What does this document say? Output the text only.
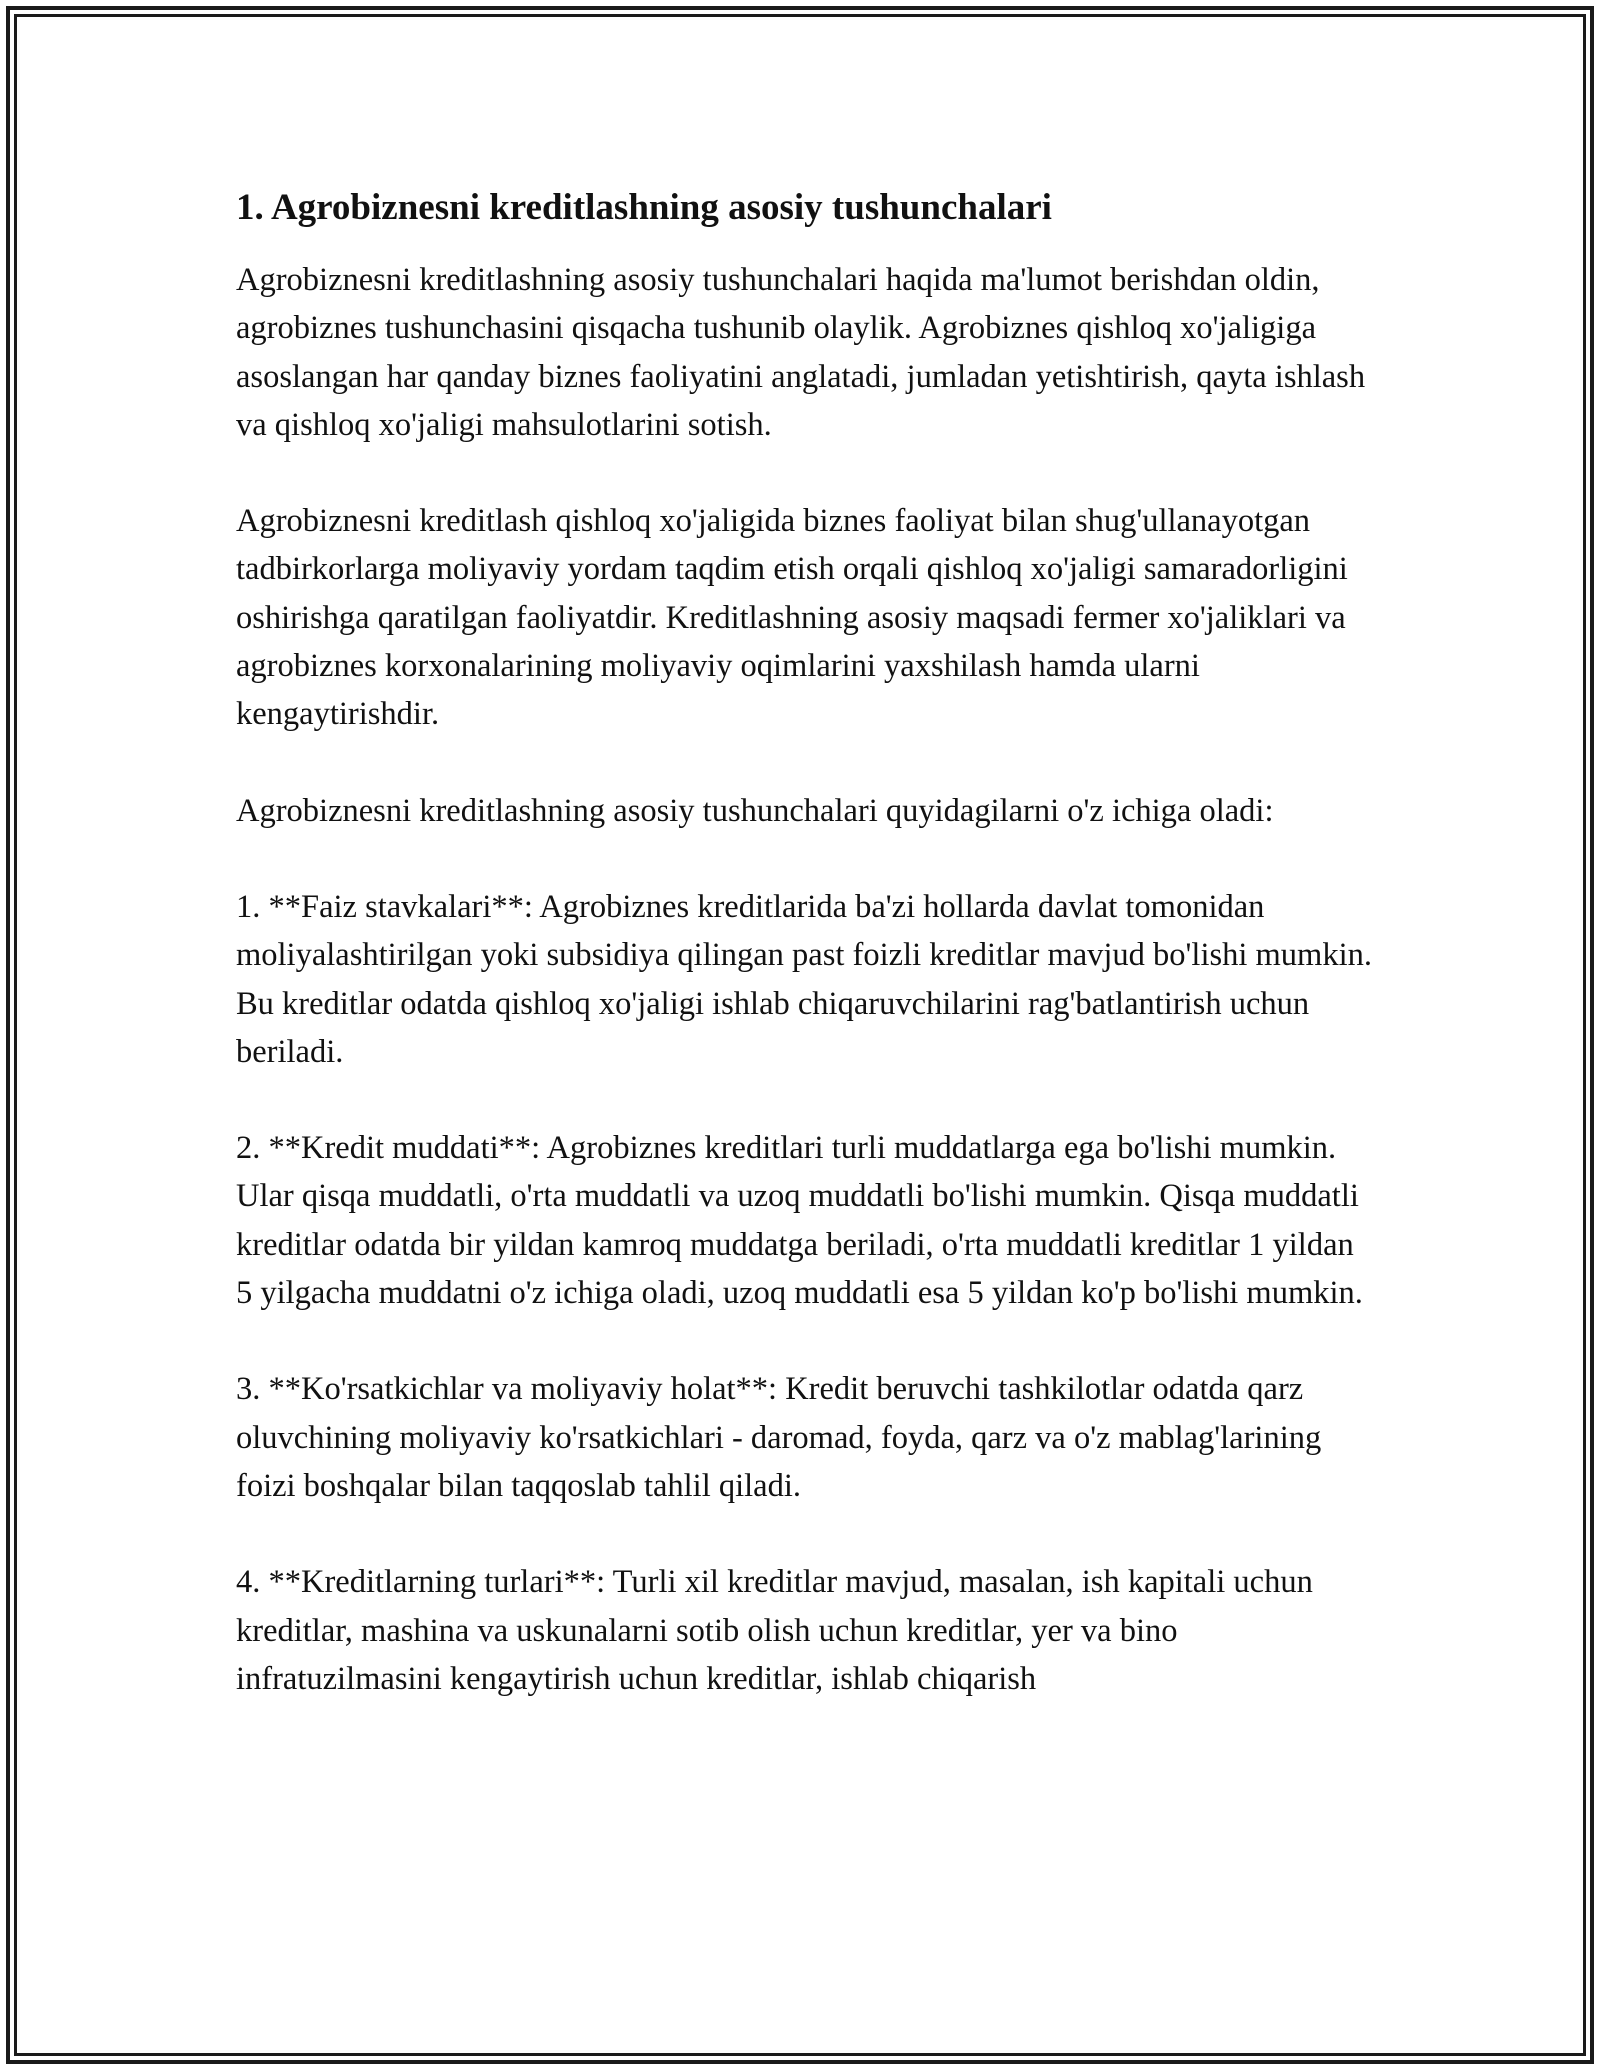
1. Agrobiznesni kreditlashning asosiy tushunchalari

Agrobiznesni kreditlashning asosiy tushunchalari haqida ma'lumot berishdan oldin, agrobiznes tushunchasini qisqacha tushunib olaylik. Agrobiznes qishloq xo'jaligiga asoslangan har qanday biznes faoliyatini anglatadi, jumladan yetishtirish, qayta ishlash va qishloq xo'jaligi mahsulotlarini sotish.

Agrobiznesni kreditlash qishloq xo'jaligida biznes faoliyat bilan shug'ullanayotgan tadbirkorlarga moliyaviy yordam taqdim etish orqali qishloq xo'jaligi samaradorligini oshirishga qaratilgan faoliyatdir. Kreditlashning asosiy maqsadi fermer xo'jaliklari va agrobiznes korxonalarining moliyaviy oqimlarini yaxshilash hamda ularni kengaytirishdir.

Agrobiznesni kreditlashning asosiy tushunchalari quyidagilarni o'z ichiga oladi:

1. **Faiz stavkalari**: Agrobiznes kreditlarida ba'zi hollarda davlat tomonidan moliyalashtirilgan yoki subsidiya qilingan past foizli kreditlar mavjud bo'lishi mumkin. Bu kreditlar odatda qishloq xo'jaligi ishlab chiqaruvchilarini rag'batlantirish uchun beriladi.

2. **Kredit muddati**: Agrobiznes kreditlari turli muddatlarga ega bo'lishi mumkin. Ular qisqa muddatli, o'rta muddatli va uzoq muddatli bo'lishi mumkin. Qisqa muddatli kreditlar odatda bir yildan kamroq muddatga beriladi, o'rta muddatli kreditlar 1 yildan 5 yilgacha muddatni o'z ichiga oladi, uzoq muddatli esa 5 yildan ko'p bo'lishi mumkin.

3. **Ko'rsatkichlar va moliyaviy holat**: Kredit beruvchi tashkilotlar odatda qarz oluvchining moliyaviy ko'rsatkichlari - daromad, foyda, qarz va o'z mablag'larining foizi boshqalar bilan taqqoslab tahlil qiladi.

4. **Kreditlarning turlari**: Turli xil kreditlar mavjud, masalan, ish kapitali uchun kreditlar, mashina va uskunalarni sotib olish uchun kreditlar, yer va bino infratuzilmasini kengaytirish uchun kreditlar, ishlab chiqarish
